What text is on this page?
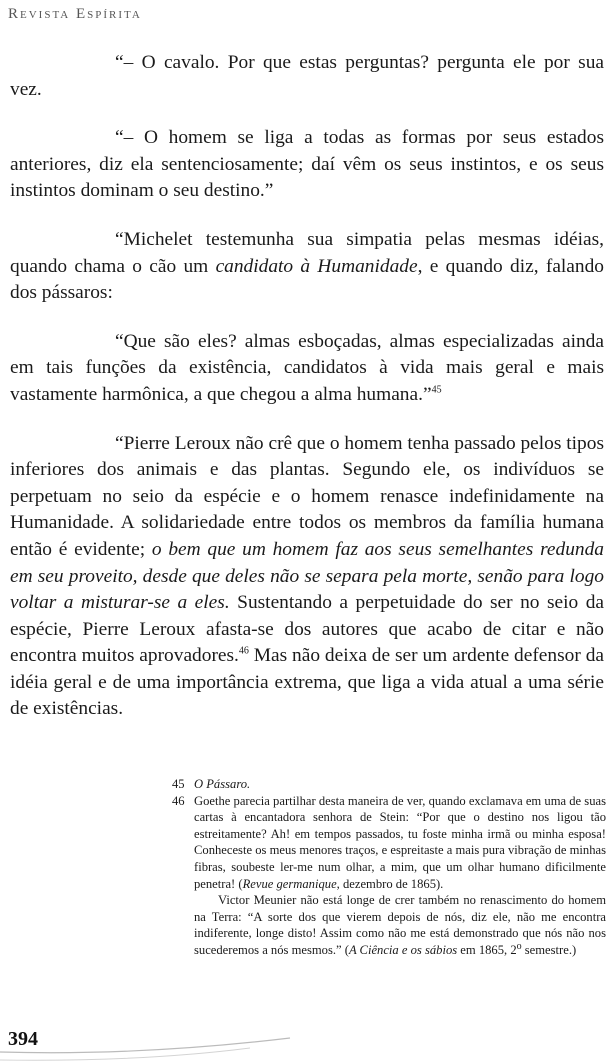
Revista Espírita

“– O cavalo. Por que estas perguntas? pergunta ele por sua vez.

“– O homem se liga a todas as formas por seus estados anteriores, diz ela sentenciosamente; daí vêm os seus instintos, e os seus instintos dominam o seu destino.”

“Michelet testemunha sua simpatia pelas mesmas idéias, quando chama o cão um candidato à Humanidade, e quando diz, falando dos pássaros:

“Que são eles? almas esboçadas, almas especializadas ainda em tais funções da existência, candidatos à vida mais geral e mais vastamente harmônica, a que chegou a alma humana.”$^{45}$

“Pierre Leroux não crê que o homem tenha passado pelos tipos inferiores dos animais e das plantas. Segundo ele, os indivíduos se perpetuam no seio da espécie e o homem renasce indefinidamente na Humanidade. A solidariedade entre todos os membros da família humana então é evidente; o bem que um homem faz aos seus semelhantes redunda em seu proveito, desde que deles não se separa pela morte, senão para logo voltar a misturar-se a eles. Sustentando a perpetuidade do ser no seio da espécie, Pierre Leroux afasta-se dos autores que acabo de citar e não encontra muitos aprovadores.$^{46}$ Mas não deixa de ser um ardente defensor da idéia geral e de uma importância extrema, que liga a vida atual a uma série de existências.

45 O Pássaro.
46 Goethe parecia partilhar desta maneira de ver, quando exclamava em uma de suas cartas à encantadora senhora de Stein: “Por que o destino nos ligou tão estreitamente? Ah! em tempos passados, tu foste minha irmã ou minha esposa! Conheceste os meus menores traços, e espreitaste a mais pura vibração de minhas fibras, soubeste ler-me num olhar, a mim, que um olhar humano dificilmente penetra! (Revue germanique, dezembro de 1865).

Victor Meunier não está longe de crer também no renascimento do homem na Terra: “A sorte dos que vierem depois de nós, diz ele, não me encontra indiferente, longe disto! Assim como não me está demonstrado que nós não nos sucederemos a nós mesmos.” (A Ciência e os sábios em 1865, 2$^o$ semestre.)

394
